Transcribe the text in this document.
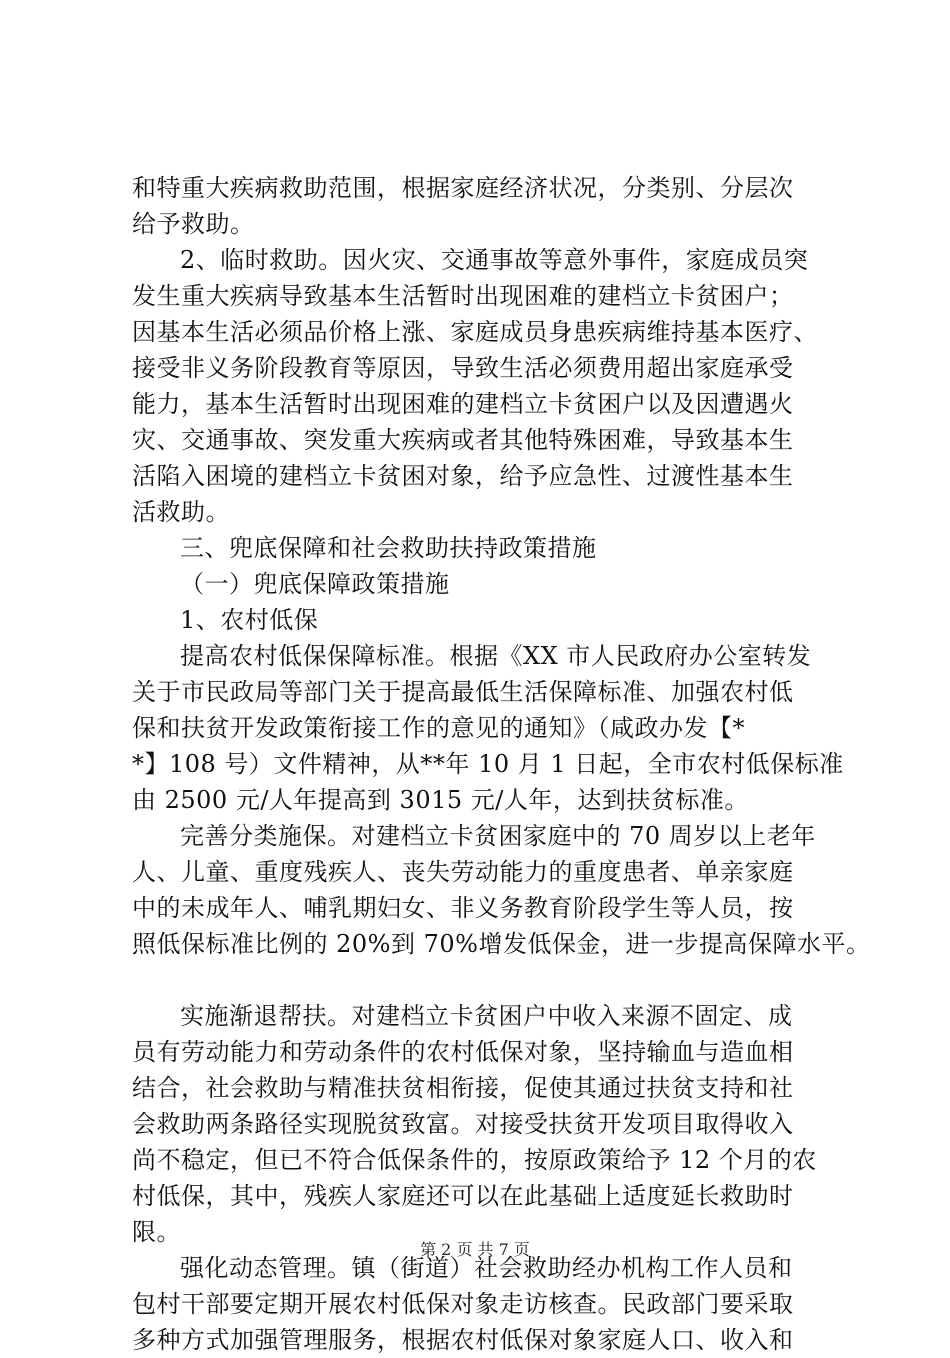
和特重大疾病救助范围，根据家庭经济状况，分类别、分层次
给予救助。
2、临时救助。因火灾、交通事故等意外事件，家庭成员突
发生重大疾病导致基本生活暂时出现困难的建档立卡贫困户；
因基本生活必须品价格上涨、家庭成员身患疾病维持基本医疗、
接受非义务阶段教育等原因，导致生活必须费用超出家庭承受
能力，基本生活暂时出现困难的建档立卡贫困户以及因遭遇火
灾、交通事故、突发重大疾病或者其他特殊困难，导致基本生
活陷入困境的建档立卡贫困对象，给予应急性、过渡性基本生
活救助。
三、兜底保障和社会救助扶持政策措施
（一）兜底保障政策措施
1、农村低保
提高农村低保保障标准。根据《XX 市人民政府办公室转发
关于市民政局等部门关于提高最低生活保障标准、加强农村低
保和扶贫开发政策衔接工作的意见的通知》（咸政办发【*
*】108 号）文件精神，从**年 10 月 1 日起，全市农村低保标准
由 2500 元/人年提高到 3015 元/人年，达到扶贫标准。
完善分类施保。对建档立卡贫困家庭中的 70 周岁以上老年
人、儿童、重度残疾人、丧失劳动能力的重度患者、单亲家庭
中的未成年人、哺乳期妇女、非义务教育阶段学生等人员，按
照低保标准比例的 20%到 70%增发低保金，进一步提高保障水平。
实施渐退帮扶。对建档立卡贫困户中收入来源不固定、成
员有劳动能力和劳动条件的农村低保对象，坚持输血与造血相
结合，社会救助与精准扶贫相衔接，促使其通过扶贫支持和社
会救助两条路径实现脱贫致富。对接受扶贫开发项目取得收入
尚不稳定，但已不符合低保条件的，按原政策给予 12 个月的农
村低保，其中，残疾人家庭还可以在此基础上适度延长救助时
限。
强化动态管理。镇（街道）社会救助经办机构工作人员和
包村干部要定期开展农村低保对象走访核查。民政部门要采取
多种方式加强管理服务，根据农村低保对象家庭人口、收入和
第 2 页 共 7 页
